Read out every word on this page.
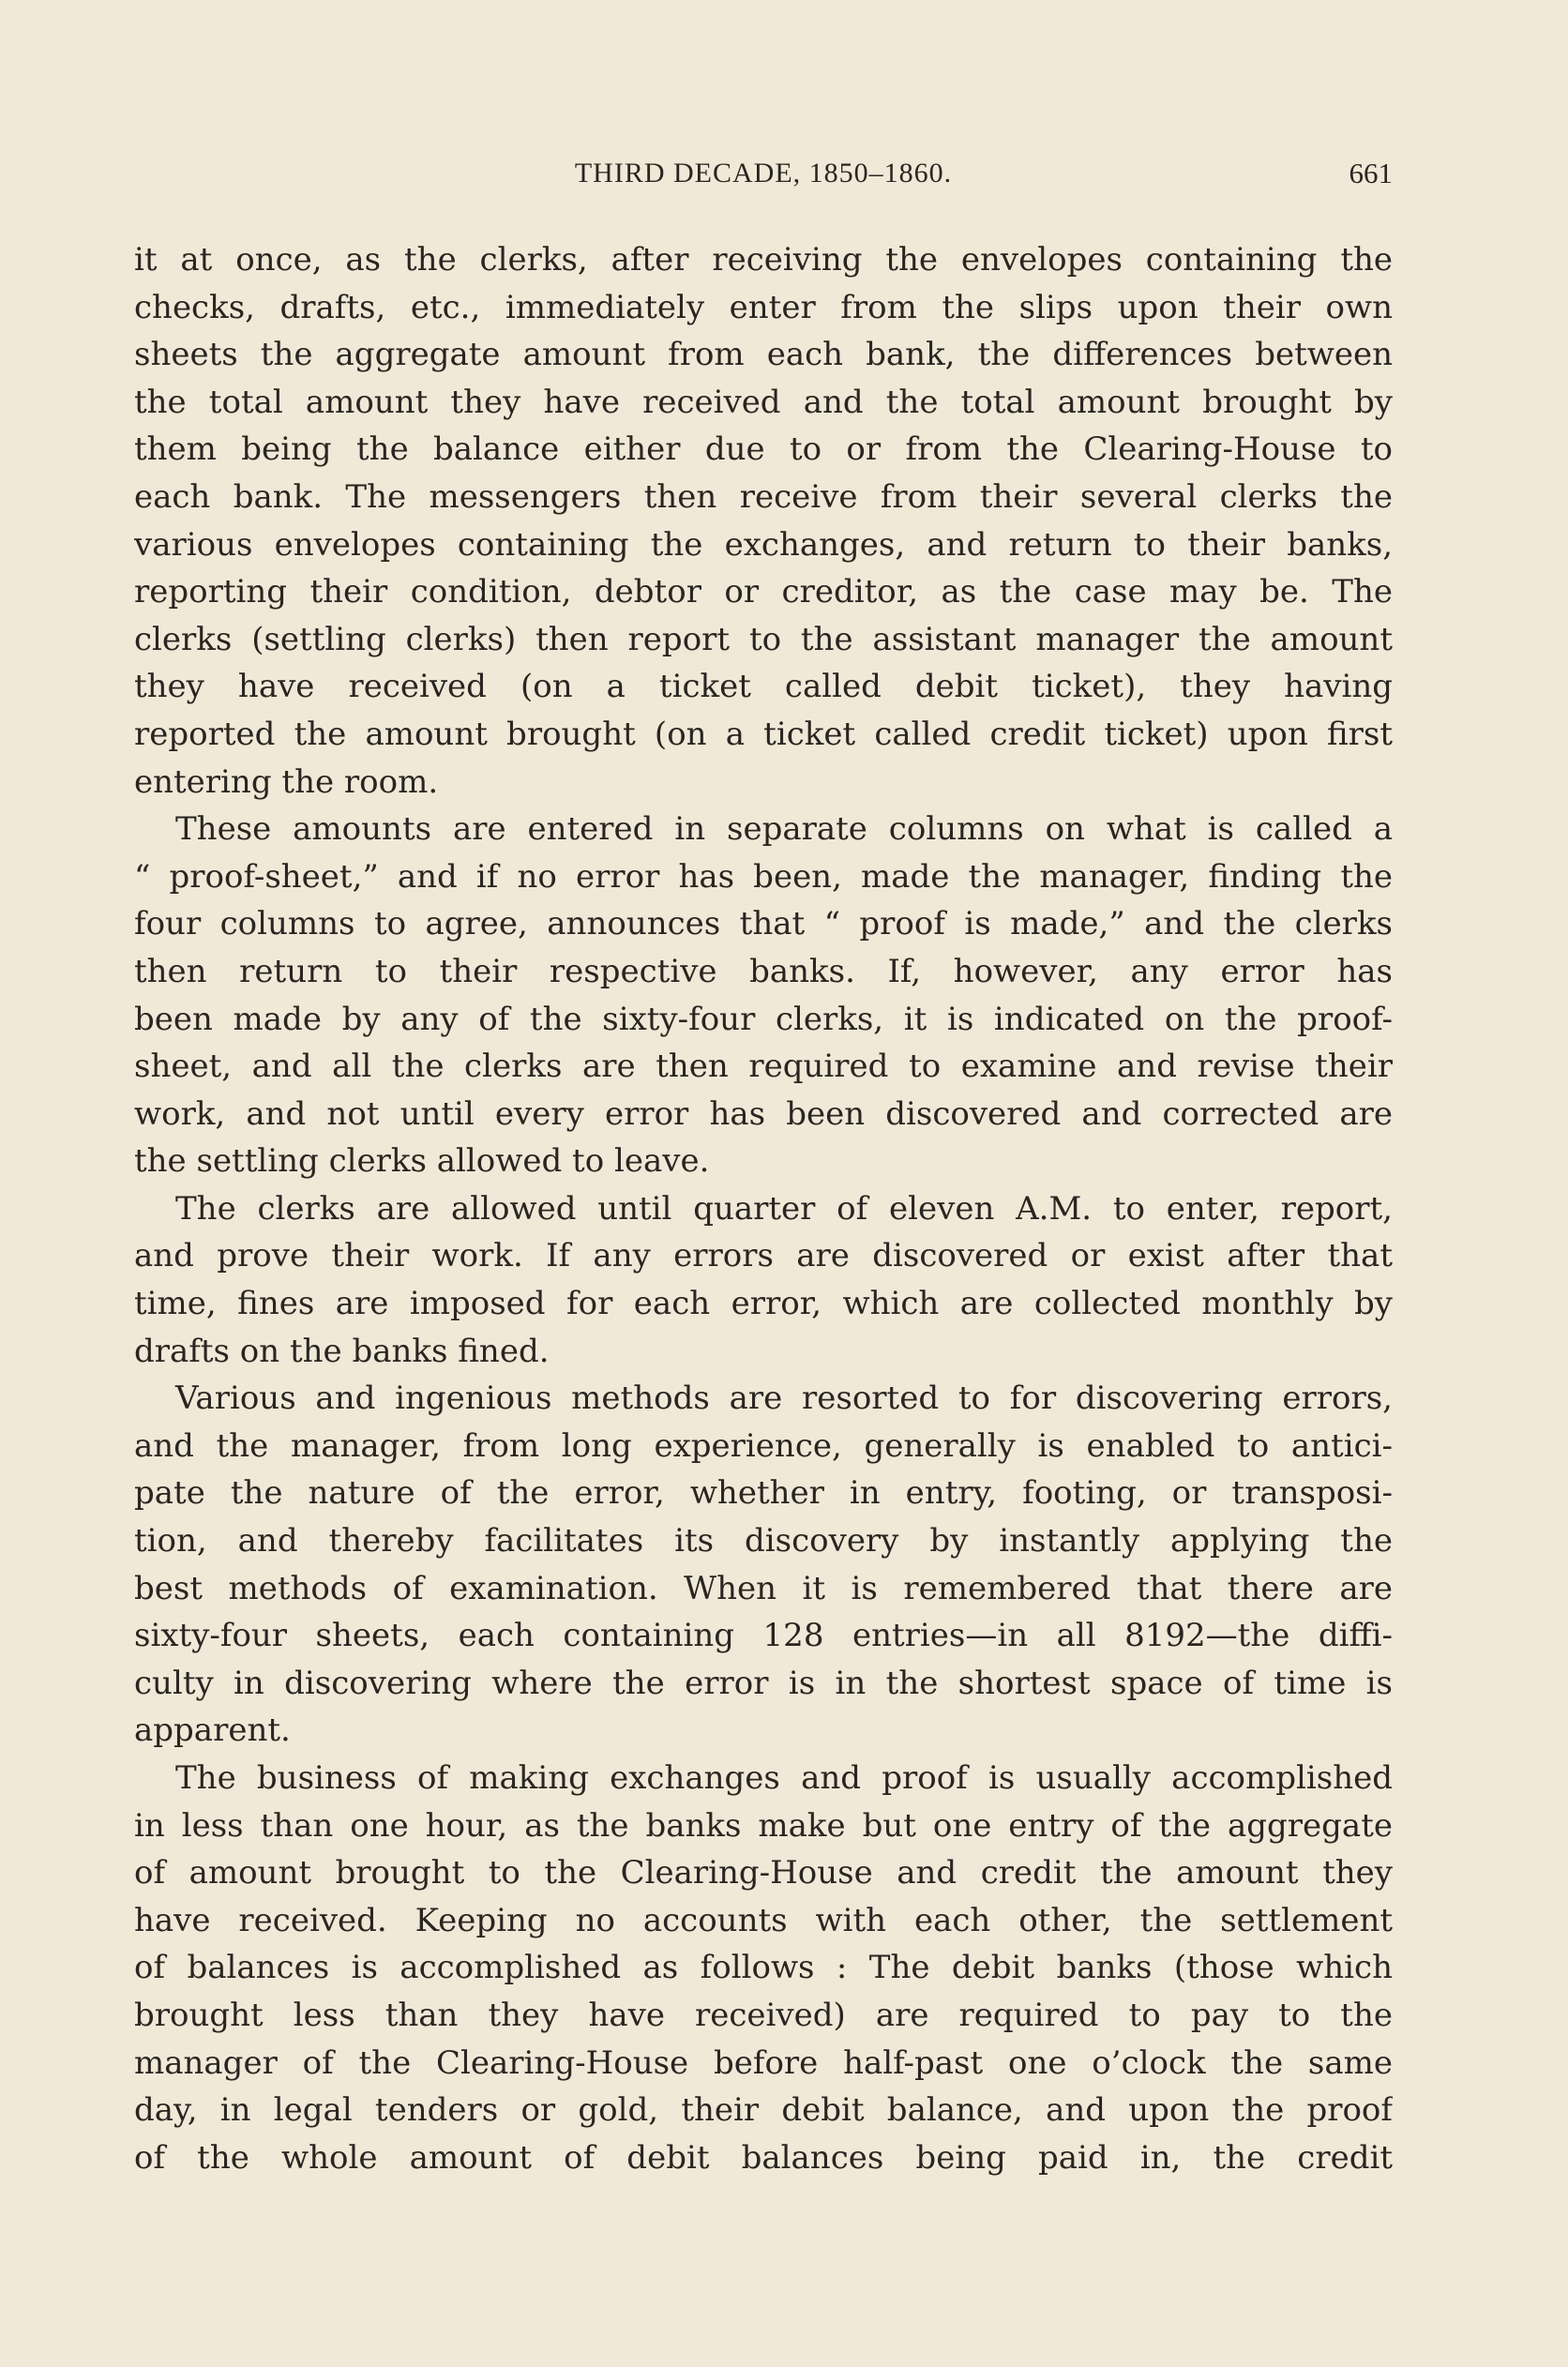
THIRD DECADE, 1850–1860.	661
it at once, as the clerks, after receiving the envelopes containing the
checks, drafts, etc., immediately enter from the slips upon their own
sheets the aggregate amount from each bank, the differences between
the total amount they have received and the total amount brought by
them being the balance either due to or from the Clearing-House to
each bank. The messengers then receive from their several clerks the
various envelopes containing the exchanges, and return to their banks,
reporting their condition, debtor or creditor, as the case may be. The
clerks (settling clerks) then report to the assistant manager the amount
they have received (on a ticket called debit ticket), they having
reported the amount brought (on a ticket called credit ticket) upon first
entering the room.
These amounts are entered in separate columns on what is called a
“ proof-sheet,” and if no error has been, made the manager, finding the
four columns to agree, announces that “ proof is made,” and the clerks
then return to their respective banks. If, however, any error has
been made by any of the sixty-four clerks, it is indicated on the proof-
sheet, and all the clerks are then required to examine and revise their
work, and not until every error has been discovered and corrected are
the settling clerks allowed to leave.
The clerks are allowed until quarter of eleven A.M. to enter, report,
and prove their work. If any errors are discovered or exist after that
time, fines are imposed for each error, which are collected monthly by
drafts on the banks fined.
Various and ingenious methods are resorted to for discovering errors,
and the manager, from long experience, generally is enabled to antici-
pate the nature of the error, whether in entry, footing, or transposi-
tion, and thereby facilitates its discovery by instantly applying the
best methods of examination. When it is remembered that there are
sixty-four sheets, each containing 128 entries—in all 8192—the diffi-
culty in discovering where the error is in the shortest space of time is
apparent.
The business of making exchanges and proof is usually accomplished
in less than one hour, as the banks make but one entry of the aggregate
of amount brought to the Clearing-House and credit the amount they
have received. Keeping no accounts with each other, the settlement
of balances is accomplished as follows : The debit banks (those which
brought less than they have received) are required to pay to the
manager of the Clearing-House before half-past one o’clock the same
day, in legal tenders or gold, their debit balance, and upon the proof
of the whole amount of debit balances being paid in, the credit
